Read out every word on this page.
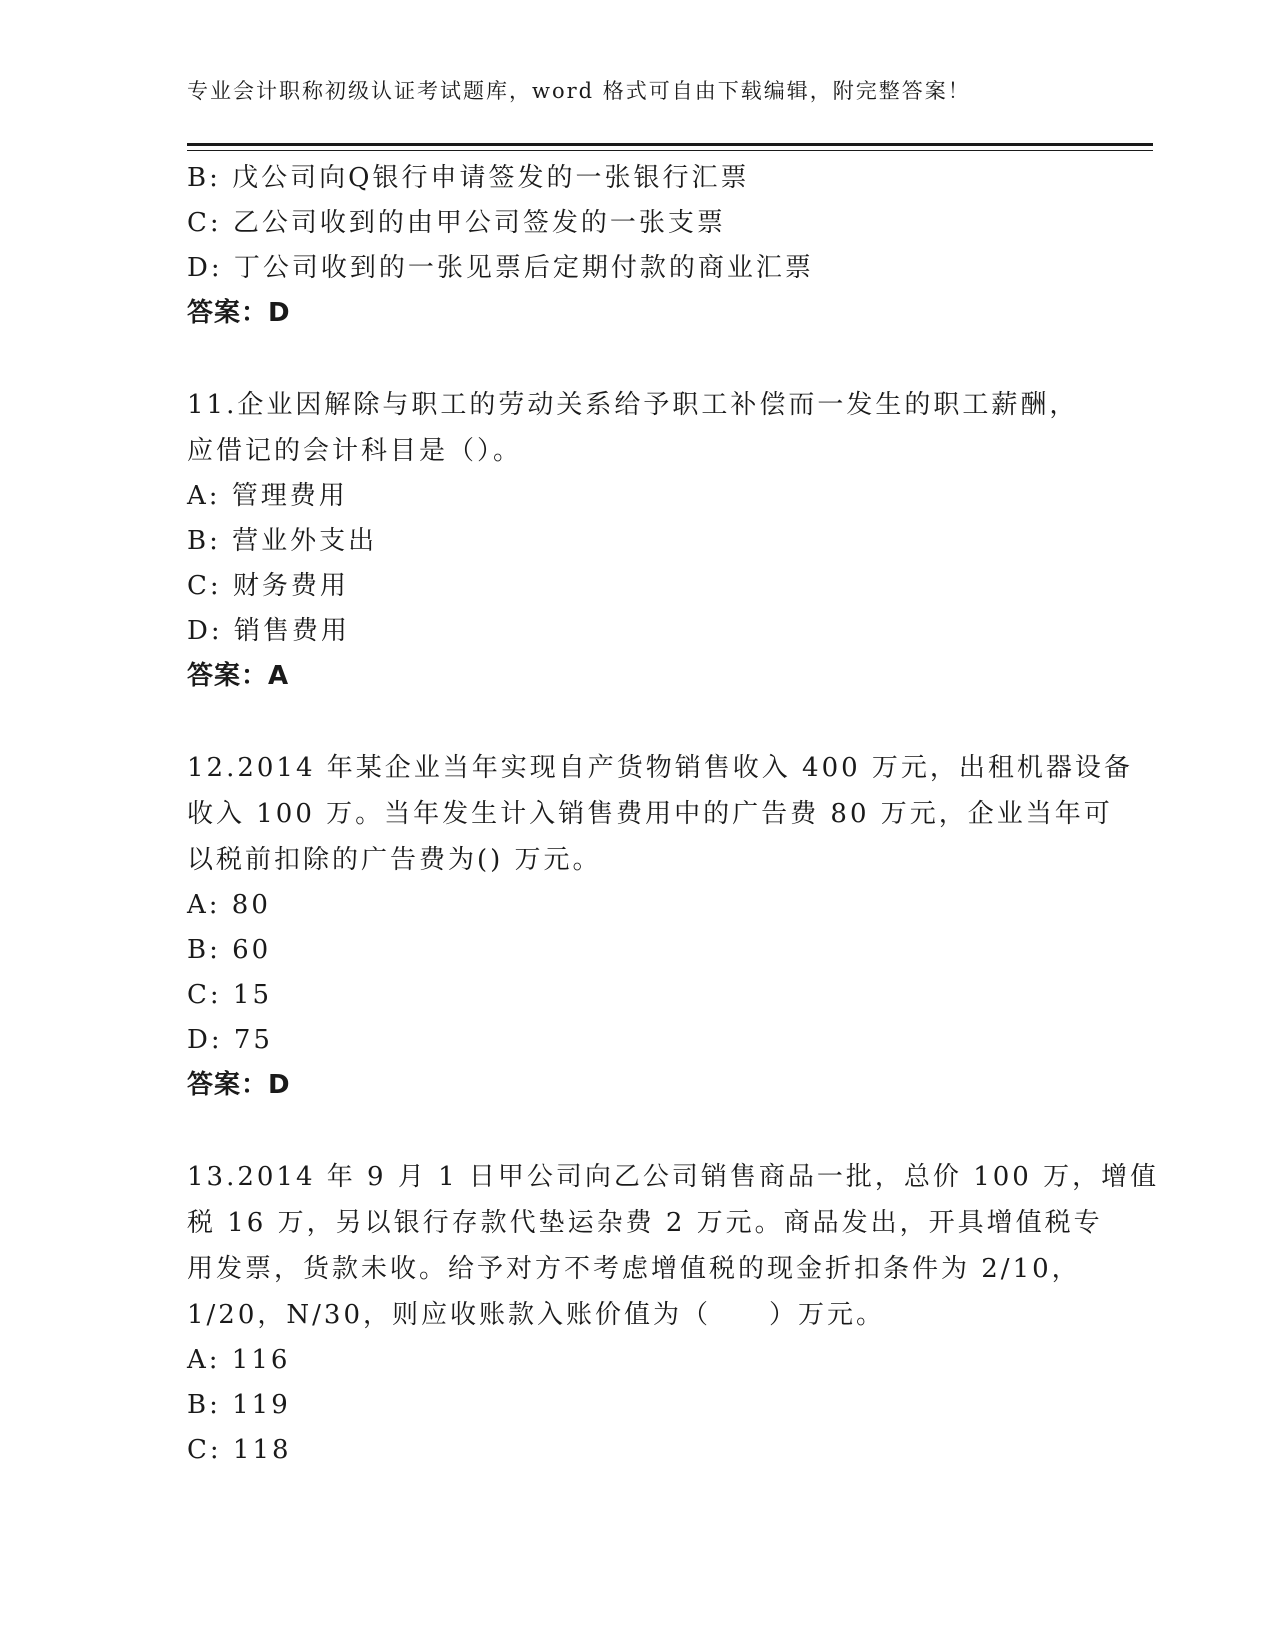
专业会计职称初级认证考试题库，word 格式可自由下载编辑，附完整答案！
B: 戊公司向Q银行申请签发的一张银行汇票
C: 乙公司收到的由甲公司签发的一张支票
D: 丁公司收到的一张见票后定期付款的商业汇票
答案：D
11.企业因解除与职工的劳动关系给予职工补偿而一发生的职工薪酬，
应借记的会计科目是（）。
A: 管理费用
B: 营业外支出
C: 财务费用
D: 销售费用
答案：A
12.2014 年某企业当年实现自产货物销售收入 400 万元，出租机器设备
收入 100 万。当年发生计入销售费用中的广告费 80 万元，企业当年可
以税前扣除的广告费为() 万元。
A: 80
B: 60
C: 15
D: 75
答案：D
13.2014 年 9 月 1 日甲公司向乙公司销售商品一批，总价 100 万，增值
税 16 万，另以银行存款代垫运杂费 2 万元。商品发出，开具增值税专
用发票，货款未收。给予对方不考虑增值税的现金折扣条件为 2/10，
1/20，N/30，则应收账款入账价值为（　　）万元。
A: 116
B: 119
C: 118
